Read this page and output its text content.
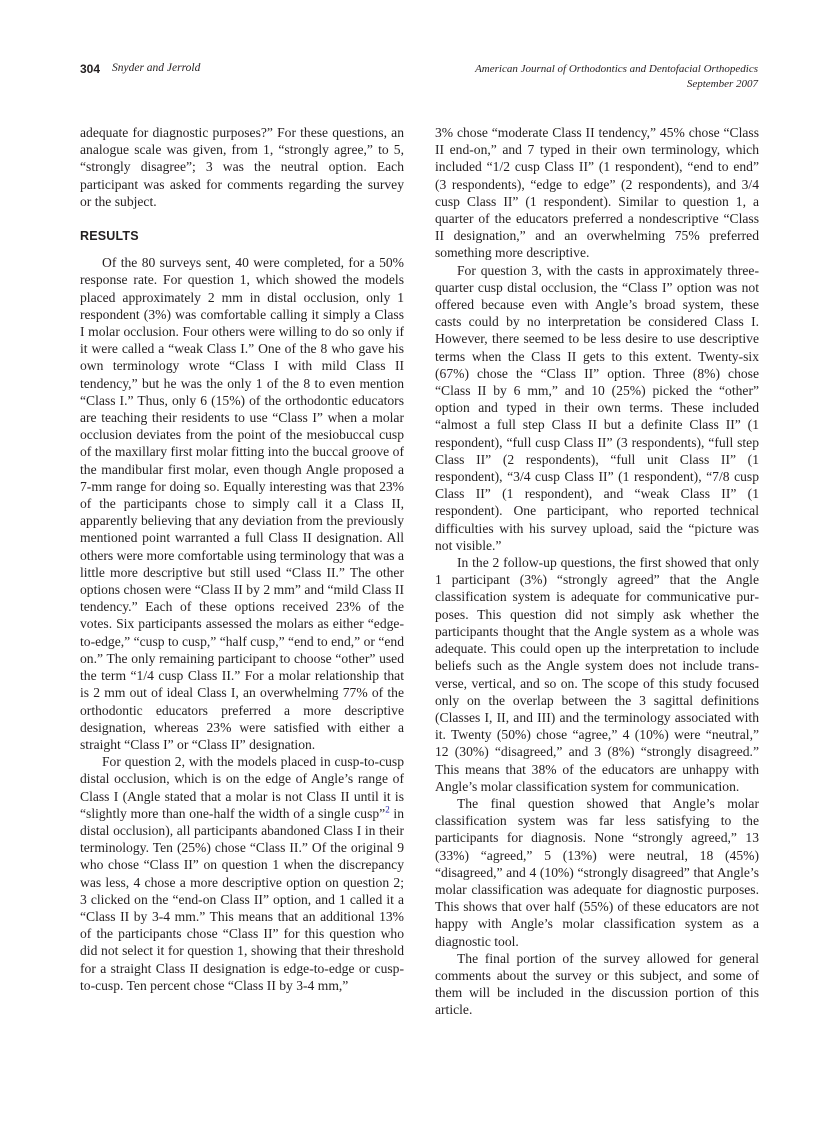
304 Snyder and Jerrold	American Journal of Orthodontics and Dentofacial Orthopedics
September 2007

adequate for diagnostic purposes?” For these questions, an analogue scale was given, from 1, “strongly agree,” to 5, “strongly disagree”; 3 was the neutral option. Each participant was asked for comments regarding the survey or the subject.

RESULTS

Of the 80 surveys sent, 40 were completed, for a 50% response rate. For question 1, which showed the models placed approximately 2 mm in distal occlusion, only 1 respondent (3%) was comfortable calling it simply a Class I molar occlusion. Four others were willing to do so only if it were called a “weak Class I.” One of the 8 who gave his own terminology wrote “Class I with mild Class II tendency,” but he was the only 1 of the 8 to even mention “Class I.” Thus, only 6 (15%) of the orthodontic educators are teaching their residents to use “Class I” when a molar occlusion deviates from the point of the mesiobuccal cusp of the maxillary first molar fitting into the buccal groove of the mandibular first molar, even though Angle proposed a 7-mm range for doing so. Equally interesting was that 23% of the participants chose to simply call it a Class II, apparently believing that any deviation from the previously mentioned point warranted a full Class II designation. All others were more comfortable using terminology that was a little more descriptive but still used “Class II.” The other options chosen were “Class II by 2 mm” and “mild Class II tendency.” Each of these options received 23% of the votes. Six participants assessed the molars as either “edge-to-edge,” “cusp to cusp,” “half cusp,” “end to end,” or “end on.” The only remaining participant to choose “other” used the term “1/4 cusp Class II.” For a molar relationship that is 2 mm out of ideal Class I, an overwhelming 77% of the orthodontic educators preferred a more descriptive designation, whereas 23% were satisfied with either a straight “Class I” or “Class II” designation.

For question 2, with the models placed in cusp-to-cusp distal occlusion, which is on the edge of Angle’s range of Class I (Angle stated that a molar is not Class II until it is “slightly more than one-half the width of a single cusp”$^2$ in distal occlusion), all participants abandoned Class I in their terminology. Ten (25%) chose “Class II.” Of the original 9 who chose “Class II” on question 1 when the discrepancy was less, 4 chose a more descriptive option on question 2; 3 clicked on the “end-on Class II” option, and 1 called it a “Class II by 3-4 mm.” This means that an additional 13% of the participants chose “Class II” for this question who did not select it for question 1, showing that their threshold for a straight Class II designation is edge-to-edge or cusp-to-cusp. Ten percent chose “Class II by 3-4 mm,”

3% chose “moderate Class II tendency,” 45% chose “Class II end-on,” and 7 typed in their own terminology, which included “1/2 cusp Class II” (1 respondent), “end to end” (3 respondents), “edge to edge” (2 respondents), and 3/4 cusp Class II” (1 respondent). Similar to question 1, a quarter of the educators preferred a nondescriptive “Class II designation,” and an overwhelming 75% preferred something more descriptive.

For question 3, with the casts in approximately three-quarter cusp distal occlusion, the “Class I” option was not offered because even with Angle’s broad system, these casts could by no interpretation be considered Class I. However, there seemed to be less desire to use descriptive terms when the Class II gets to this extent. Twenty-six (67%) chose the “Class II” option. Three (8%) chose “Class II by 6 mm,” and 10 (25%) picked the “other” option and typed in their own terms. These included “almost a full step Class II but a definite Class II” (1 respondent), “full cusp Class II” (3 respondents), “full step Class II” (2 respondents), “full unit Class II” (1 respondent), “3/4 cusp Class II” (1 respondent), “7/8 cusp Class II” (1 respondent), and “weak Class II” (1 respondent). One participant, who reported technical difficulties with his survey upload, said the “picture was not visible.”

In the 2 follow-up questions, the first showed that only 1 participant (3%) “strongly agreed” that the Angle classification system is adequate for communicative purposes. This question did not simply ask whether the participants thought that the Angle system as a whole was adequate. This could open up the interpretation to include beliefs such as the Angle system does not include transverse, vertical, and so on. The scope of this study focused only on the overlap between the 3 sagittal definitions (Classes I, II, and III) and the terminology associated with it. Twenty (50%) chose “agree,” 4 (10%) were “neutral,” 12 (30%) “disagreed,” and 3 (8%) “strongly disagreed.” This means that 38% of the educators are unhappy with Angle’s molar classification system for communication.

The final question showed that Angle’s molar classification system was far less satisfying to the participants for diagnosis. None “strongly agreed,” 13 (33%) “agreed,” 5 (13%) were neutral, 18 (45%) “disagreed,” and 4 (10%) “strongly disagreed” that Angle’s molar classification was adequate for diagnostic purposes. This shows that over half (55%) of these educators are not happy with Angle’s molar classification system as a diagnostic tool.

The final portion of the survey allowed for general comments about the survey or this subject, and some of them will be included in the discussion portion of this article.
